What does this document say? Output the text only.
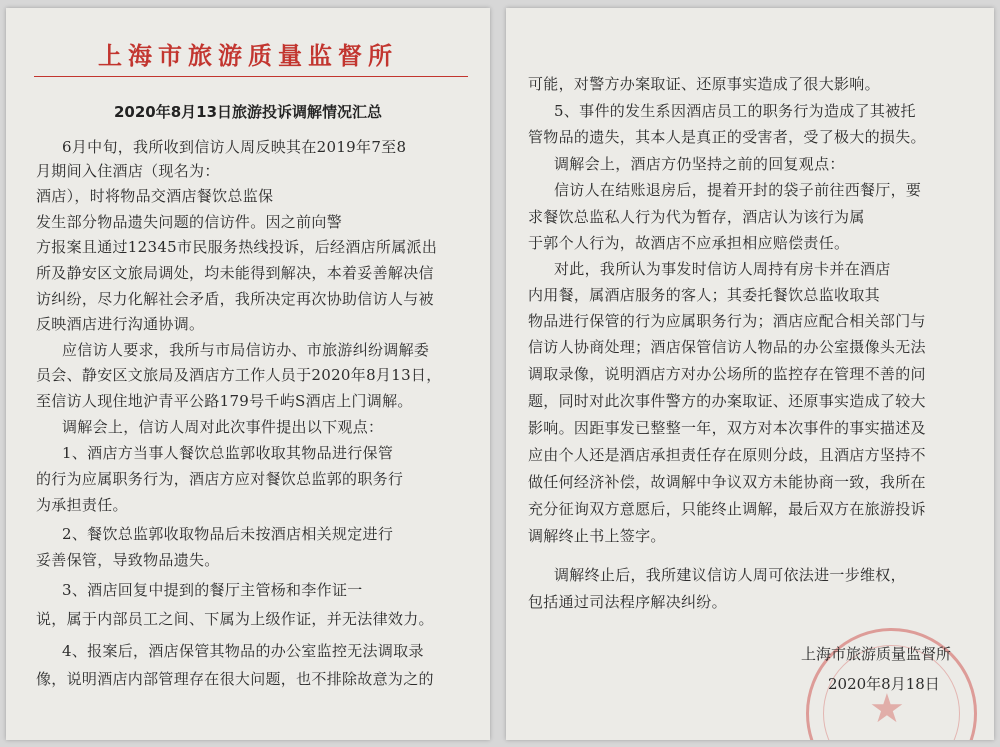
上海市旅游质量监督所
2020年8月13日旅游投诉调解情况汇总
6月中旬，我所收到信访人周反映其在2019年7至8
月期间入住酒店（现名为：
酒店），时将物品交酒店餐饮总监保
发生部分物品遗失问题的信访件。因之前向警
方报案且通过12345市民服务热线投诉，后经酒店所属派出
所及静安区文旅局调处，均未能得到解决，本着妥善解决信
访纠纷，尽力化解社会矛盾，我所决定再次协助信访人与被
反映酒店进行沟通协调。
应信访人要求，我所与市局信访办、市旅游纠纷调解委
员会、静安区文旅局及酒店方工作人员于2020年8月13日，
至信访人现住地沪青平公路179号千屿S酒店上门调解。
调解会上，信访人周对此次事件提出以下观点：
1、酒店方当事人餐饮总监郭收取其物品进行保管
的行为应属职务行为，酒店方应对餐饮总监郭的职务行
为承担责任。
2、餐饮总监郭收取物品后未按酒店相关规定进行
妥善保管，导致物品遗失。
3、酒店回复中提到的餐厅主管杨和李作证一
说，属于内部员工之间、下属为上级作证，并无法律效力。
4、报案后，酒店保管其物品的办公室监控无法调取录
像，说明酒店内部管理存在很大问题，也不排除故意为之的
可能，对警方办案取证、还原事实造成了很大影响。
5、事件的发生系因酒店员工的职务行为造成了其被托
管物品的遗失，其本人是真正的受害者，受了极大的损失。
调解会上，酒店方仍坚持之前的回复观点：
信访人在结账退房后，提着开封的袋子前往西餐厅，要
求餐饮总监私人行为代为暂存，酒店认为该行为属
于郭个人行为，故酒店不应承担相应赔偿责任。
对此，我所认为事发时信访人周持有房卡并在酒店
内用餐，属酒店服务的客人；其委托餐饮总监收取其
物品进行保管的行为应属职务行为；酒店应配合相关部门与
信访人协商处理；酒店保管信访人物品的办公室摄像头无法
调取录像，说明酒店方对办公场所的监控存在管理不善的问
题，同时对此次事件警方的办案取证、还原事实造成了较大
影响。因距事发已整整一年，双方对本次事件的事实描述及
应由个人还是酒店承担责任存在原则分歧，且酒店方坚持不
做任何经济补偿，故调解中争议双方未能协商一致，我所在
充分征询双方意愿后，只能终止调解，最后双方在旅游投诉
调解终止书上签字。
调解终止后，我所建议信访人周可依法进一步维权，
包括通过司法程序解决纠纷。
★
上海市旅游质量监督所
2020年8月18日
